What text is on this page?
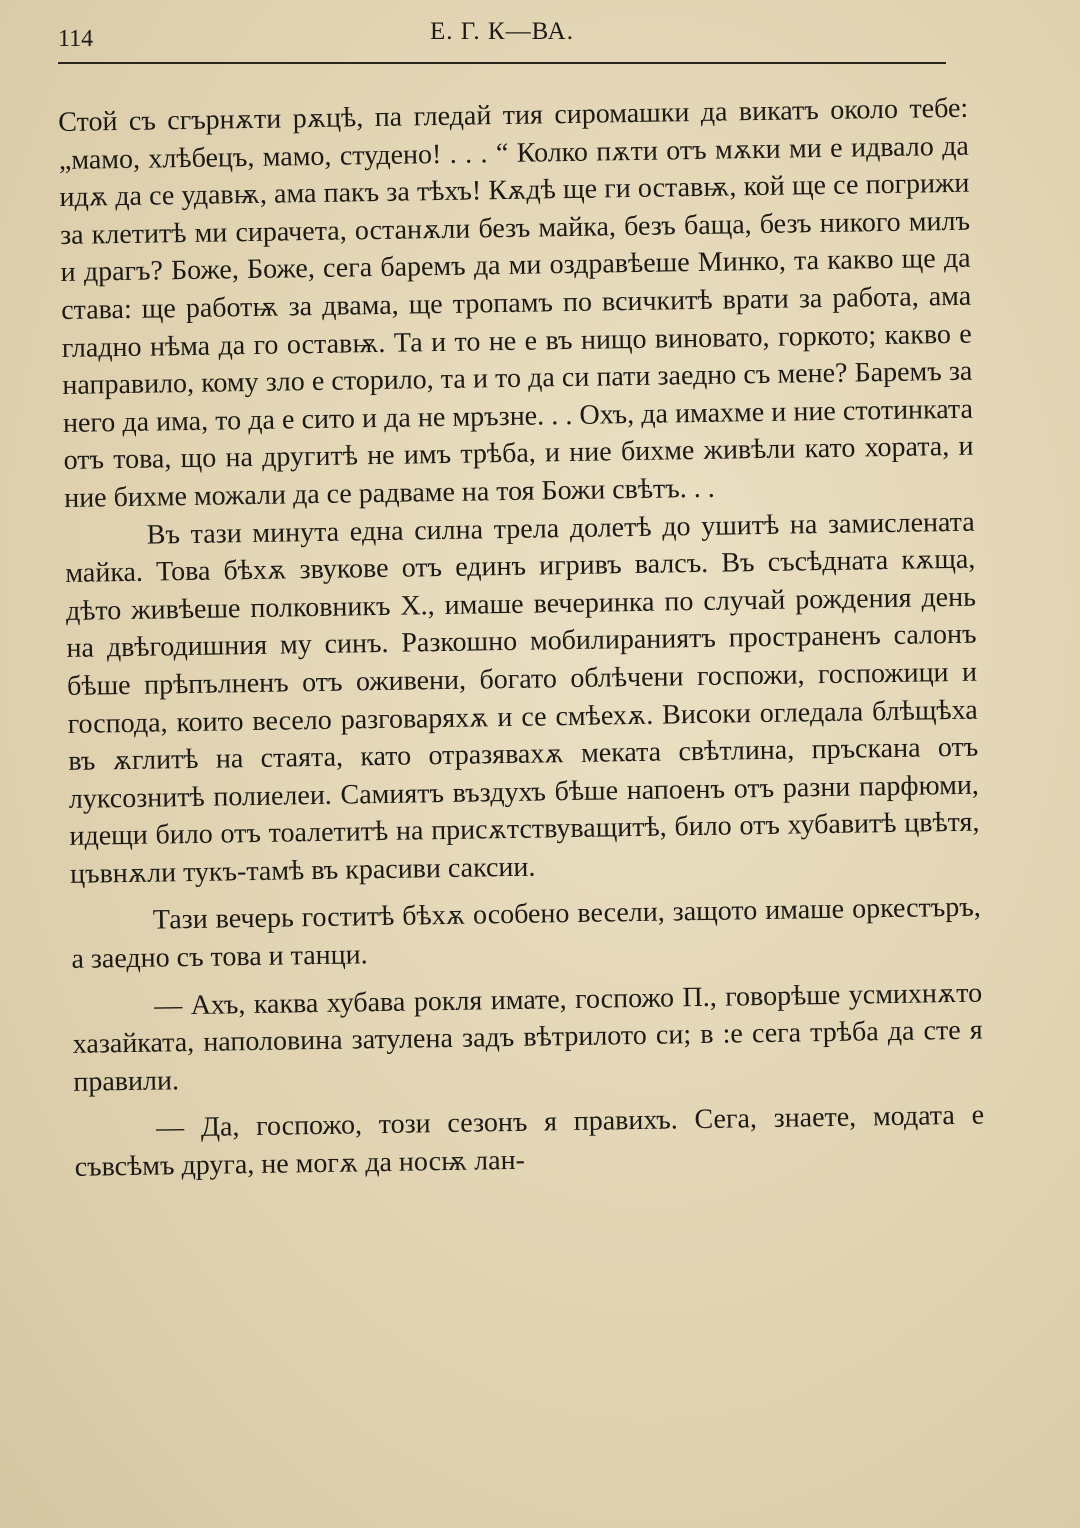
114	Е. Г. К—ВА.

Стой съ сгърнѫти рѫцѣ, па гледай тия сиромашки да викатъ около тебе: „мамо, хлѣбецъ, мамо, студено! . . . “ Колко пѫти отъ мѫки ми е идвало да идѫ да се удавѭ, ама пакъ за тѣхъ! Кѫдѣ ще ги оставѭ, кой ще се погрижи за клетитѣ ми сирачета, останѫли безъ майка, безъ баща, безъ никого милъ и драгъ? Боже, Боже, сега баремъ да ми оздравѣеше Минко, та какво ще да става: ще работѭ за двама, ще тропамъ по всичкитѣ врати за работа, ама гладно нѣма да го оставѭ. Та и то не е въ нищо виновато, горкото; какво е направило, кому зло е сторило, та и то да си пати заедно съ мене? Баремъ за него да има, то да е сито и да не мръзне. . . Охъ, да имахме и ние стотинката отъ това, що на другитѣ не имъ трѣба, и ние бихме живѣли като хората, и ние бихме можали да се радваме на тоя Божи свѣтъ. . .

Въ тази минута една силна трела долетѣ до ушитѣ на замислената майка. Това бѣхѫ звукове отъ единъ игривъ валсъ. Въ съсѣдната кѫща, дѣто живѣеше полковникъ Х., имаше вечеринка по случай рождения день на двѣгодишния му синъ. Разкошно мобилираниятъ пространенъ салонъ бѣше прѣпълненъ отъ оживени, богато облѣчени госпожи, госпожици и господа, които весело разговаряхѫ и се смѣехѫ. Високи огледала блѣщѣха въ ѫглитѣ на стаята, като отразявахѫ меката свѣтлина, пръскана отъ луксознитѣ полиелеи. Самиятъ въздухъ бѣше напоенъ отъ разни парфюми, идещи било отъ тоалетитѣ на присѫтствуващитѣ, било отъ хубавитѣ цвѣтя, цъвнѫли тукъ-тамѣ въ красиви саксии.

Тази вечерь гоститѣ бѣхѫ особено весели, защото имаше оркестъръ, а заедно съ това и танци.

— Ахъ, каква хубава рокля имате, госпожо П., говорѣше усмихнѫто хазайката, наполовина затулена задъ вѣтрилото си; в :е сега трѣба да сте я правили.

— Да, госпожо, този сезонъ я правихъ. Сега, знаете, модата е съвсѣмъ друга, не могѫ да носѭ лан-
